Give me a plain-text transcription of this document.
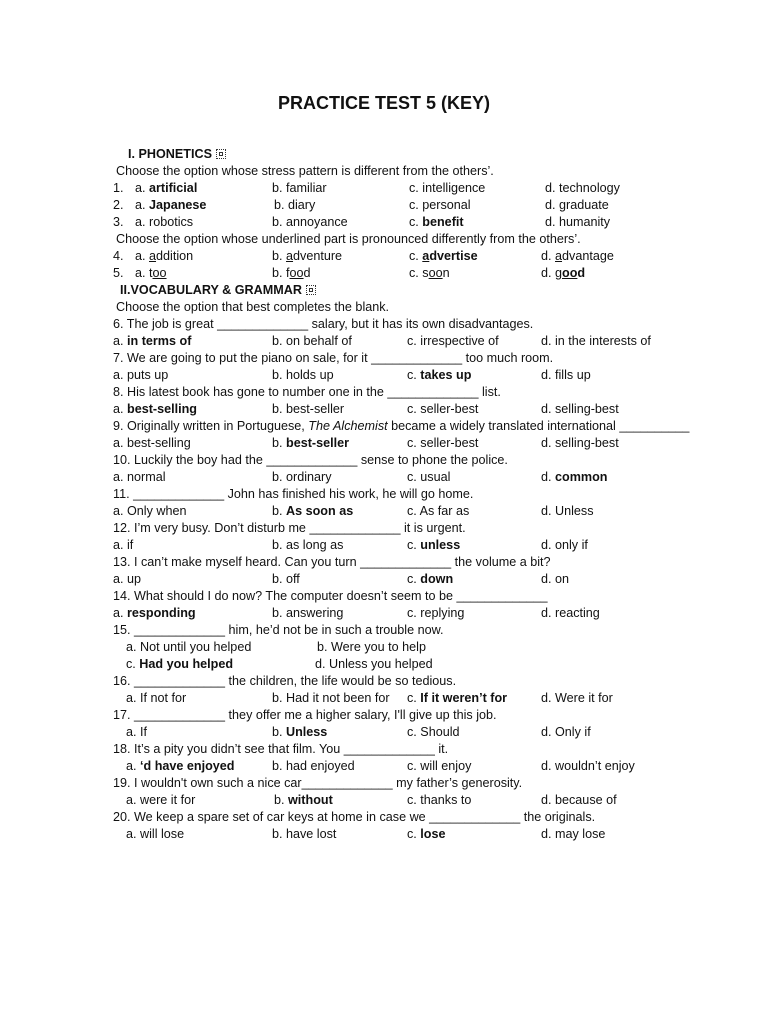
PRACTICE TEST 5 (KEY)
I. PHONETICS
Choose the option whose stress pattern is different from the others’.
1. a. artificial	b. familiar	c. intelligence	d. technology
2. a. Japanese	b. diary	c. personal	d. graduate
3. a. robotics	b. annoyance	c. benefit	d. humanity
Choose the option whose underlined part is pronounced differently from the others’.
4. a. addition	b. adventure	c. advertise	d. advantage
5. a. too	b. food	c. soon	d. good
II.VOCABULARY & GRAMMAR
Choose the option that best completes the blank.
6. The job is great _____________ salary, but it has its own disadvantages.
a. in terms of	b. on behalf of	c. irrespective of	d. in the interests of
7. We are going to put the piano on sale, for it _____________ too much room.
a. puts up	b. holds up	c. takes up	d. fills up
8. His latest book has gone to number one in the _____________ list.
a. best-selling	b. best-seller	c. seller-best	d. selling-best
9. Originally written in Portuguese, The Alchemist became a widely translated international __________
a. best-selling	b. best-seller	c. seller-best	d. selling-best
10. Luckily the boy had the _____________ sense to phone the police.
a. normal	b. ordinary	c. usual	d. common
11. _____________ John has finished his work, he will go home.
a. Only when	b. As soon as	c. As far as	d. Unless
12. I’m very busy. Don’t disturb me _____________ it is urgent.
a. if	b. as long as	c. unless	d. only if
13. I can’t make myself heard. Can you turn _____________ the volume a bit?
a. up	b. off	c. down	d. on
14. What should I do now? The computer doesn’t seem to be _____________
a. responding	b. answering	c. replying	d. reacting
15. _____________ him, he’d not be in such a trouble now.
a. Not until you helped	b. Were you to help
c. Had you helped	d. Unless you helped
16. _____________ the children, the life would be so tedious.
a. If not for	b. Had it not been for c. If it weren’t for	d. Were it for
17. _____________ they offer me a higher salary, I'll give up this job.
a. If	b. Unless	c. Should	d. Only if
18. It’s a pity you didn’t see that film. You _____________ it.
a. ‘d have enjoyed	b. had enjoyed	c. will enjoy	d. wouldn’t enjoy
19. I wouldn't own such a nice car_____________ my father’s generosity.
a. were it for	b. without	c. thanks to	d. because of
20. We keep a spare set of car keys at home in case we _____________ the originals.
a. will lose	b. have lost	c. lose	d. may lose
